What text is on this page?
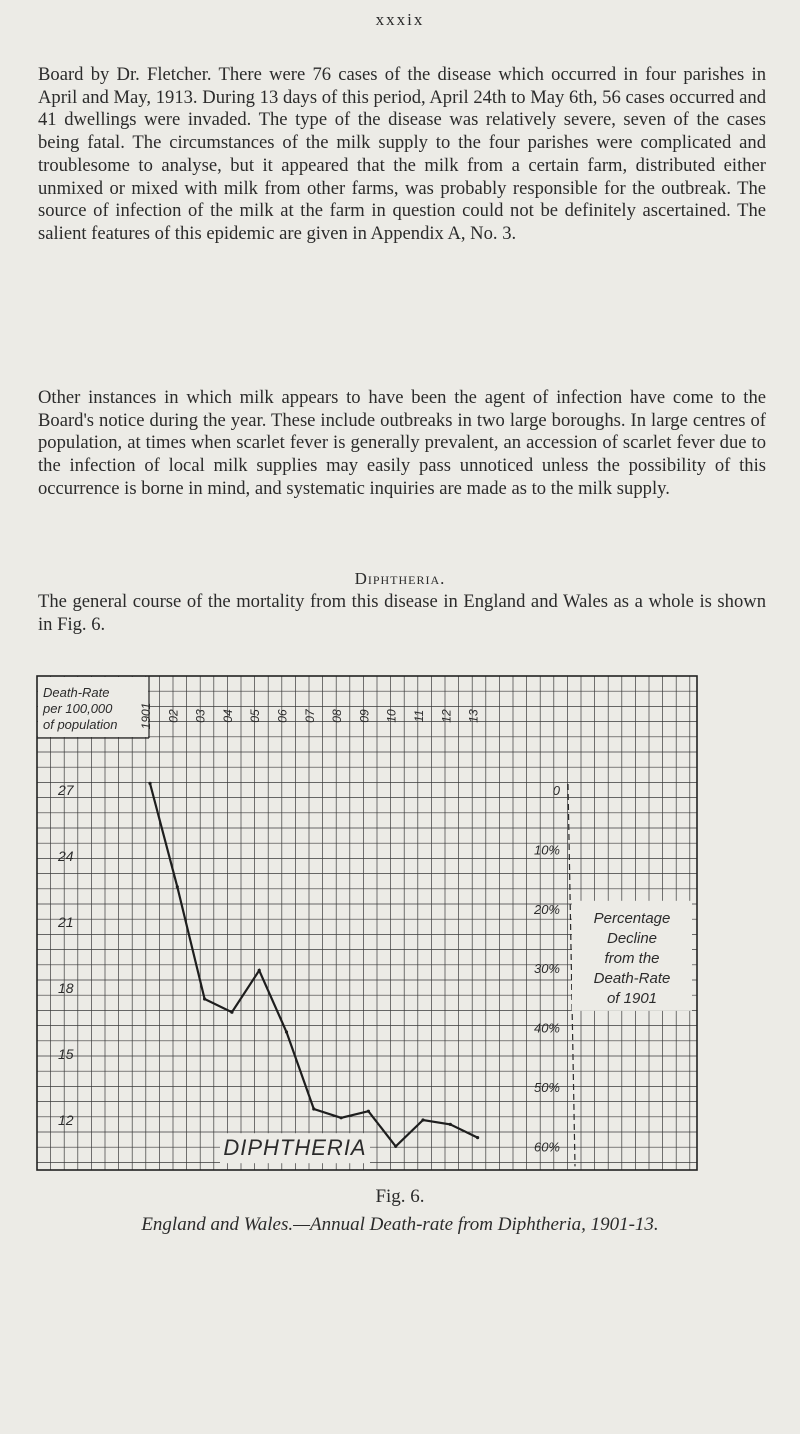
xxxix

Board by Dr. Fletcher. There were 76 cases of the disease which occurred in four parishes in April and May, 1913. During 13 days of this period, April 24th to May 6th, 56 cases occurred and 41 dwellings were invaded. The type of the disease was relatively severe, seven of the cases being fatal. The circumstances of the milk supply to the four parishes were complicated and troublesome to analyse, but it appeared that the milk from a certain farm, distributed either unmixed or mixed with milk from other farms, was probably responsible for the outbreak. The source of infection of the milk at the farm in question could not be definitely ascertained. The salient features of this epidemic are given in Appendix A, No. 3.

Other instances in which milk appears to have been the agent of infection have come to the Board's notice during the year. These include outbreaks in two large boroughs. In large centres of population, at times when scarlet fever is generally prevalent, an accession of scarlet fever due to the infection of local milk supplies may easily pass unnoticed unless the possibility of this occurrence is borne in mind, and systematic inquiries are made as to the milk supply.

Diphtheria.

The general course of the mortality from this disease in England and Wales as a whole is shown in Fig. 6.

Death-Rate
per 100,000
of population
27
24
21
18
15
12
1901 02 03 04 05 06 07 08 09 10 11 12 13
0
10%
20%
30%
40%
50%
60%
Percentage
Decline
from the
Death-Rate
of 1901
DIPHTHERIA
Fig. 6.
England and Wales.—Annual Death-rate from Diphtheria, 1901-13.
